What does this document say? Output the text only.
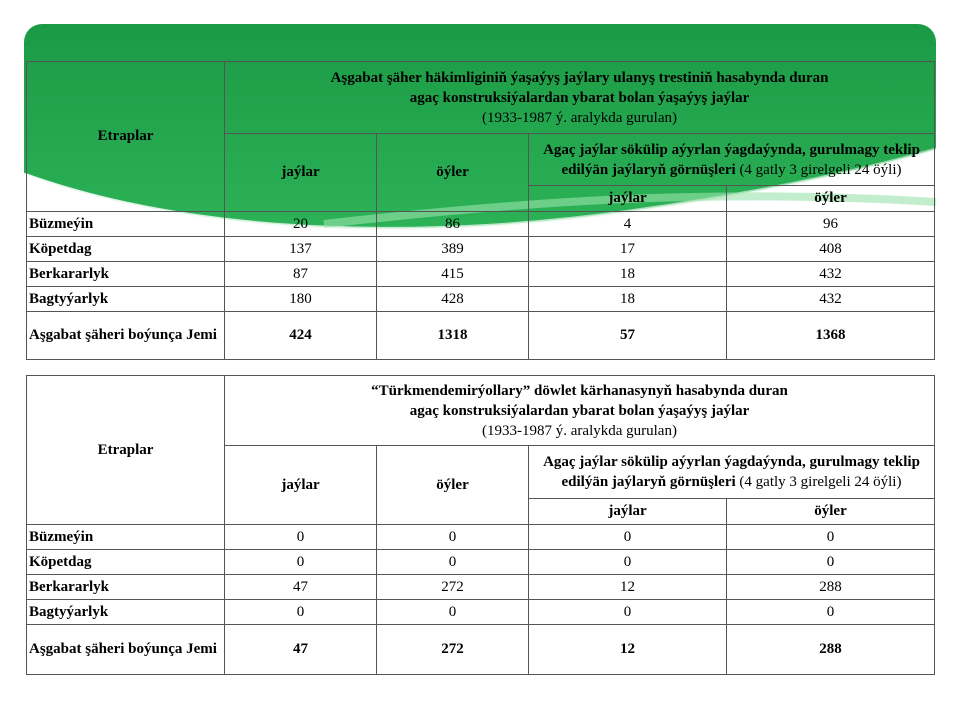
Etraplar	Aşgabat şäher häkimliginiň ýaşaýyş jaýlary ulanyş trestiniň hasabynda duran
agaç konstruksiýalardan ybarat bolan ýaşaýyş jaýlar
(1933-1987 ý. aralykda gurulan)			

	jaýlar	öýler	Agaç jaýlar sökülip aýyrlan ýagdaýynda, gurulmagy teklip edilýän jaýlaryň görnüşleri (4 gatly 3 girelgeli 24 öýli)	
			jaýlar	öýler
Büzmeýin	20	86	4	96
Köpetdag	137	389	17	408
Berkararlyk	87	415	18	432
Bagtyýarlyk	180	428	18	432
Aşgabat şäheri boýunça Jemi	424	1318	57	1368
Etraplar	“Türkmendemirýollary” döwlet kärhanasynyň hasabynda duran
agaç konstruksiýalardan ybarat bolan ýaşaýyş jaýlar
(1933-1987 ý. aralykda gurulan)			

	jaýlar	öýler	Agaç jaýlar sökülip aýyrlan ýagdaýynda, gurulmagy teklip edilýän jaýlaryň görnüşleri (4 gatly 3 girelgeli 24 öýli)	
			jaýlar	öýler
Büzmeýin	0	0	0	0
Köpetdag	0	0	0	0
Berkararlyk	47	272	12	288
Bagtyýarlyk	0	0	0	0
Aşgabat şäheri boýunça Jemi	47	272	12	288
